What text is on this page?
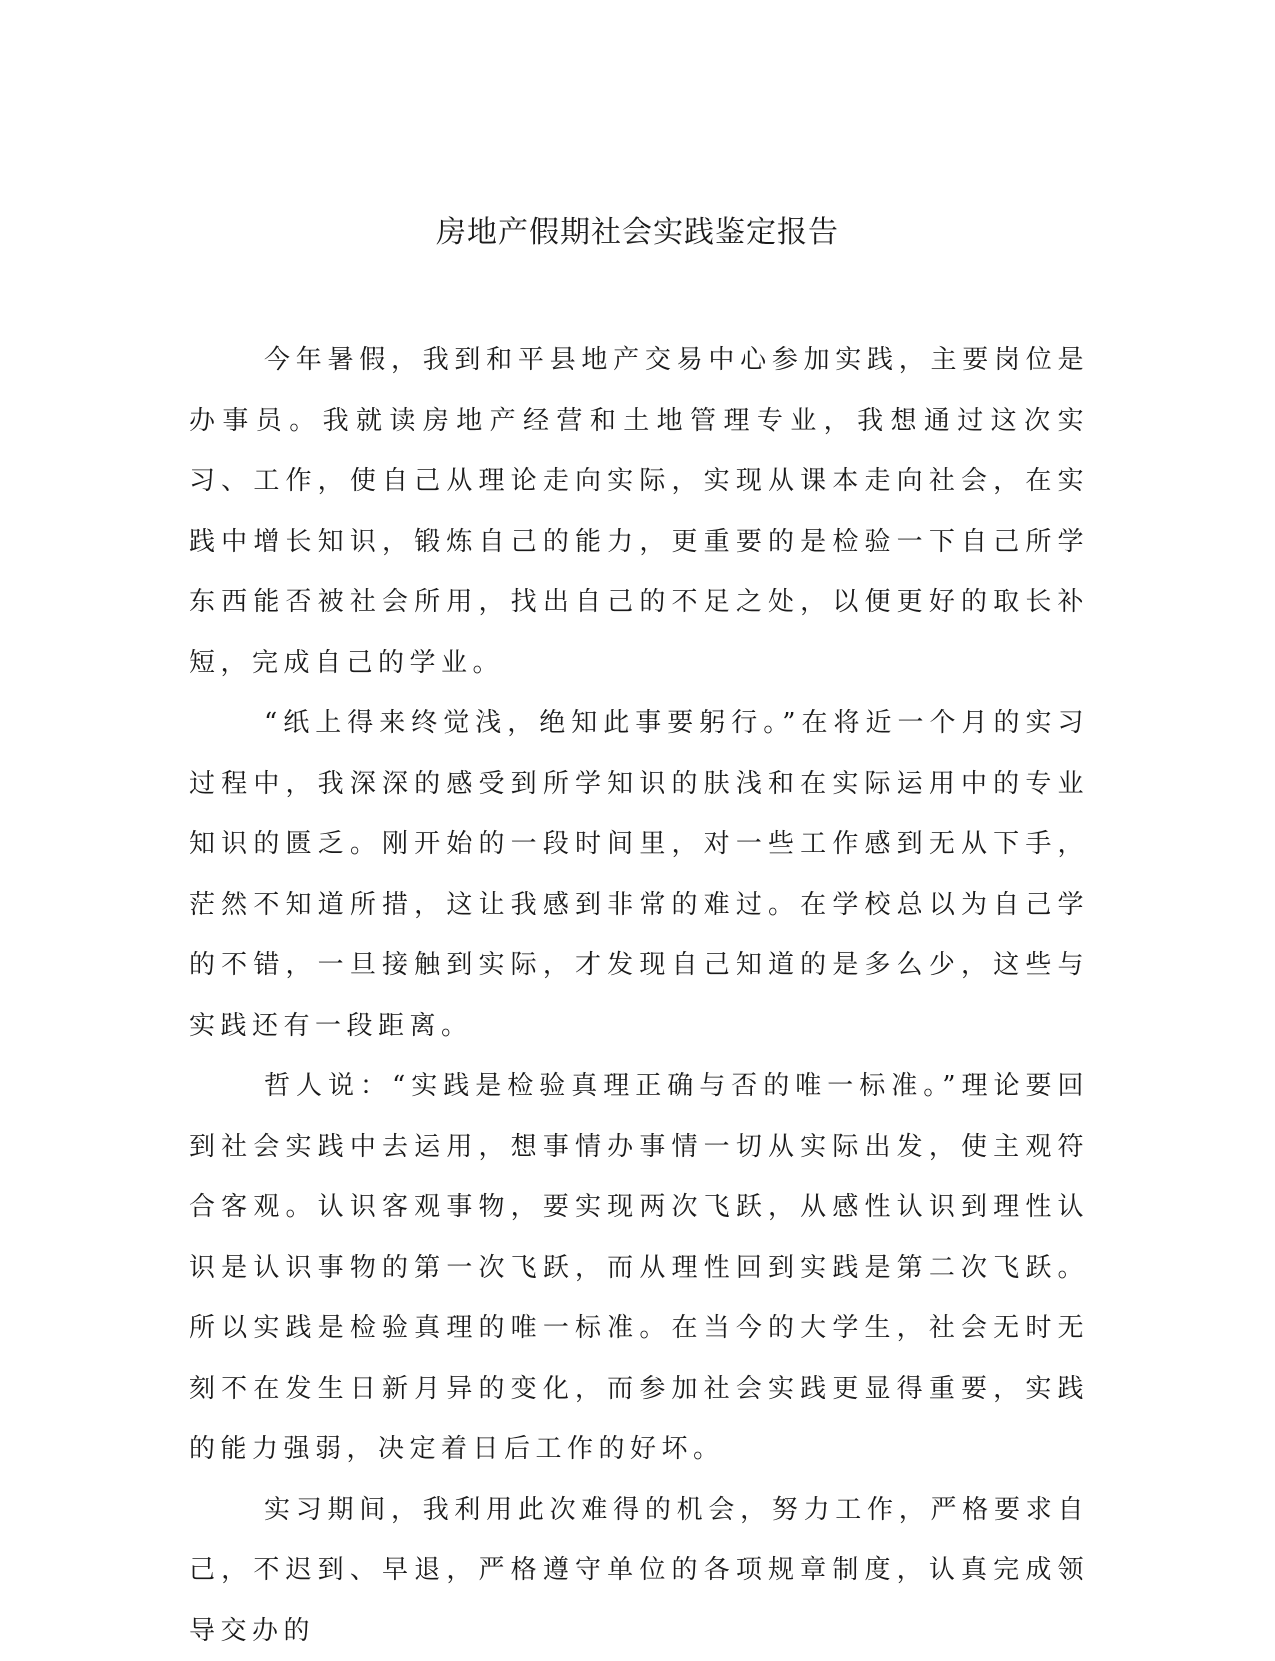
房地产假期社会实践鉴定报告

今年暑假，我到和平县地产交易中心参加实践，主要岗位是办事员。我就读房地产经营和土地管理专业，我想通过这次实习、工作，使自己从理论走向实际，实现从课本走向社会，在实践中增长知识，锻炼自己的能力，更重要的是检验一下自己所学东西能否被社会所用，找出自己的不足之处，以便更好的取长补短，完成自己的学业。

“纸上得来终觉浅，绝知此事要躬行。”在将近一个月的实习过程中，我深深的感受到所学知识的肤浅和在实际运用中的专业知识的匮乏。刚开始的一段时间里，对一些工作感到无从下手，茫然不知道所措，这让我感到非常的难过。在学校总以为自己学的不错，一旦接触到实际，才发现自己知道的是多么少，这些与实践还有一段距离。

哲人说：“实践是检验真理正确与否的唯一标准。”理论要回到社会实践中去运用，想事情办事情一切从实际出发，使主观符合客观。认识客观事物，要实现两次飞跃，从感性认识到理性认识是认识事物的第一次飞跃，而从理性回到实践是第二次飞跃。所以实践是检验真理的唯一标准。在当今的大学生，社会无时无刻不在发生日新月异的变化，而参加社会实践更显得重要，实践的能力强弱，决定着日后工作的好坏。

实习期间，我利用此次难得的机会，努力工作，严格要求自己，不迟到、早退，严格遵守单位的各项规章制度，认真完成领导交办的
